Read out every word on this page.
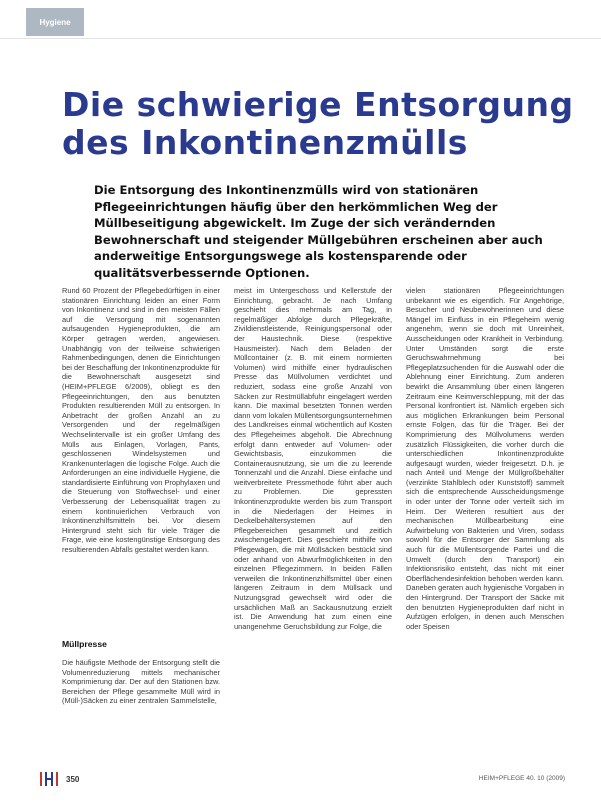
Hygiene
Die schwierige Entsorgung
des Inkontinenzmülls

Die Entsorgung des Inkontinenzmülls wird von stationären Pflegeeinrichtungen häufig über den herkömmlichen Weg der Müllbeseitigung abgewickelt. Im Zuge der sich verändernden Bewohnerschaft und steigender Müllgebühren erscheinen aber auch anderweitige Entsorgungswege als kostensparende oder qualitätsverbessernde Optionen.

Rund 60 Prozent der Pflegebedürftigen in einer stationären Einrichtung leiden an einer Form von Inkontinenz und sind in den meisten Fällen auf die Versorgung mit sogenannten aufsaugenden Hygieneprodukten, die am Körper getragen werden, angewiesen. Unabhängig von der teilweise schwierigen Rahmenbedingungen, denen die Einrichtungen bei der Beschaffung der Inkontinenzprodukte für die Bewohnerschaft ausgesetzt sind (HEIM+PFLEGE 6/2009), obliegt es den Pflegeeinrichtungen, den aus benutzten Produkten resultierenden Müll zu entsorgen. In Anbetracht der großen Anzahl an zu Versorgenden und der regelmäßigen Wechselintervalle ist ein großer Umfang des Mülls aus Einlagen, Vorlagen, Pants, geschlossenen Windelsystemen und Krankenunterlagen die logische Folge. Auch die Anforderungen an eine individuelle Hygiene, die standardisierte Einführung von Prophylaxen und die Steuerung von Stoffwechsel- und einer Verbesserung der Lebensqualität tragen zu einem kontinuierlichen Verbrauch von Inkontinenzhilfsmitteln bei. Vor diesem Hintergrund steht sich für viele Träger die Frage, wie eine kostengünstige Entsorgung des resultierenden Abfalls gestaltet werden kann.

Müllpresse

Die häufigste Methode der Entsorgung stellt die Volumenreduzierung mittels mechanischer Komprimierung dar. Der auf den Stationen bzw. Bereichen der Pflege gesammelte Müll wird in (Müll-)Säcken zu einer zentralen Sammelstelle,

meist im Untergeschoss und Kellerstufe der Einrichtung, gebracht. Je nach Umfang geschieht dies mehrmals am Tag, in regelmäßiger Abfolge durch Pflegekräfte, Zivildienstleistende, Reinigungspersonal oder der Haustechnik. Diese (respektive Hausmeister). Nach dem Beladen der Müllcontainer (z. B. mit einem normierten Volumen) wird mithilfe einer hydraulischen Presse das Müllvolumen verdichtet und reduziert, sodass eine große Anzahl von Säcken zur Restmüllabfuhr eingelagert werden kann. Die maximal besetzten Tonnen werden dann vom lokalen Müllentsorgungsunternehmen des Landkreises einmal wöchentlich auf Kosten des Pflegeheimes abgeholt. Die Abrechnung erfolgt dann entweder auf Volumen- oder Gewichtsbasis, einzukommen die Containerausnutzung, sie um die zu leerende Tonnenzahl und die Anzahl. Diese einfache und weitverbreitete Pressmethode führt aber auch zu Problemen. Die gepressten Inkontinenzprodukte werden bis zum Transport in die Niederlagen der Heimes in Deckelbehältersystemen auf den Pflegebereichen gesammelt und zeitlich zwischengelagert. Dies geschieht mithilfe von Pflegewägen, die mit Müllsäcken bestückt sind oder anhand von Abwurfmöglichkeiten in den einzelnen Pflegezimmern. In beiden Fällen verweilen die Inkontinenzhilfsmittel über einen längeren Zeitraum in dem Müllsack und Nutzungsgrad gewechselt wird oder die ursächlichen Maß an Sackausnutzung erzielt ist. Die Anwendung hat zum einen eine unangenehme Geruchsbildung zur Folge, die

vielen stationären Pflegeeinrichtungen unbekannt wie es eigentlich. Für Angehörige, Besucher und Neubewohnerinnen und diese Mängel im Einfluss in ein Pflegeheim wenig angenehm, wenn sie doch mit Unreinheit, Ausscheidungen oder Krankheit in Verbindung. Unter Umständen sorgt die erste Geruchswahrnehmung bei Pflegeplatzsuchenden für die Auswahl oder die Ablehnung einer Einrichtung. Zum anderen bewirkt die Ansammlung über einen längeren Zeitraum eine Keimverschleppung, mit der das Personal konfrontiert ist. Nämlich ergeben sich aus möglichen Erkrankungen beim Personal ernste Folgen, das für die Träger. Bei der Komprimierung des Müllvolumens werden zusätzlich Flüssigkeiten, die vorher durch die unterschiedlichen Inkontinenzprodukte aufgesaugt wurden, wieder freigesetzt. D.h. je nach Anteil und Menge der Müllgroßbehälter (verzinkte Stahlblech oder Kunststoff) sammelt sich die entsprechende Ausscheidungsmenge in oder unter der Tonne oder verteilt sich im Heim. Der Weiteren resultiert aus der mechanischen Müllbearbeitung eine Aufwirbelung von Bakterien und Viren, sodass sowohl für die Entsorger der Sammlung als auch für die Müllentsorgende Partei und die Umwelt (durch den Transport) ein Infektionsrisiko entsteht, das nicht mit einer Oberflächendesinfektion behoben werden kann. Daneben geraten auch hygienische Vorgaben in den Hintergrund. Der Transport der Säcke mit den benutzten Hygieneprodukten darf nicht in Aufzügen erfolgen, in denen auch Menschen oder Speisen

350	HEIM+PFLEGE 40. 10 (2009)
